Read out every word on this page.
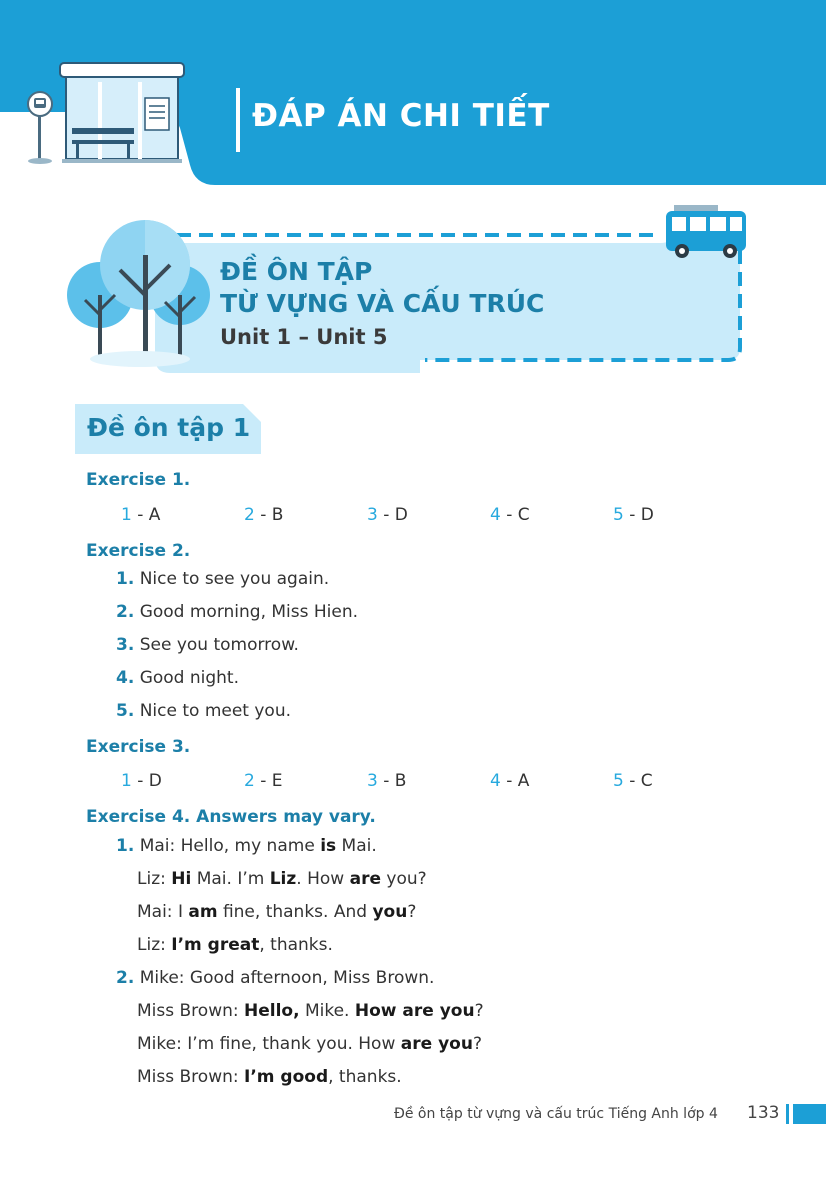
ĐÁP ÁN CHI TIẾT
ĐỀ ÔN TẬP
TỪ VỰNG VÀ CẤU TRÚC
Unit 1 – Unit 5
Đề ôn tập 1
Exercise 1.
1 - A	2 - B	3 - D	4 - C	5 - D
Exercise 2.
1. Nice to see you again.
2. Good morning, Miss Hien.
3. See you tomorrow.
4. Good night.
5. Nice to meet you.
Exercise 3.
1 - D	2 - E	3 - B	4 - A	5 - C
Exercise 4. Answers may vary.
1. Mai: Hello, my name is Mai.
Liz: Hi Mai. I’m Liz. How are you?
Mai: I am fine, thanks. And you?
Liz: I’m great, thanks.
2. Mike: Good afternoon, Miss Brown.
Miss Brown: Hello, Mike. How are you?
Mike: I’m fine, thank you. How are you?
Miss Brown: I’m good, thanks.
Đề ôn tập từ vựng và cấu trúc Tiếng Anh lớp 4 133
